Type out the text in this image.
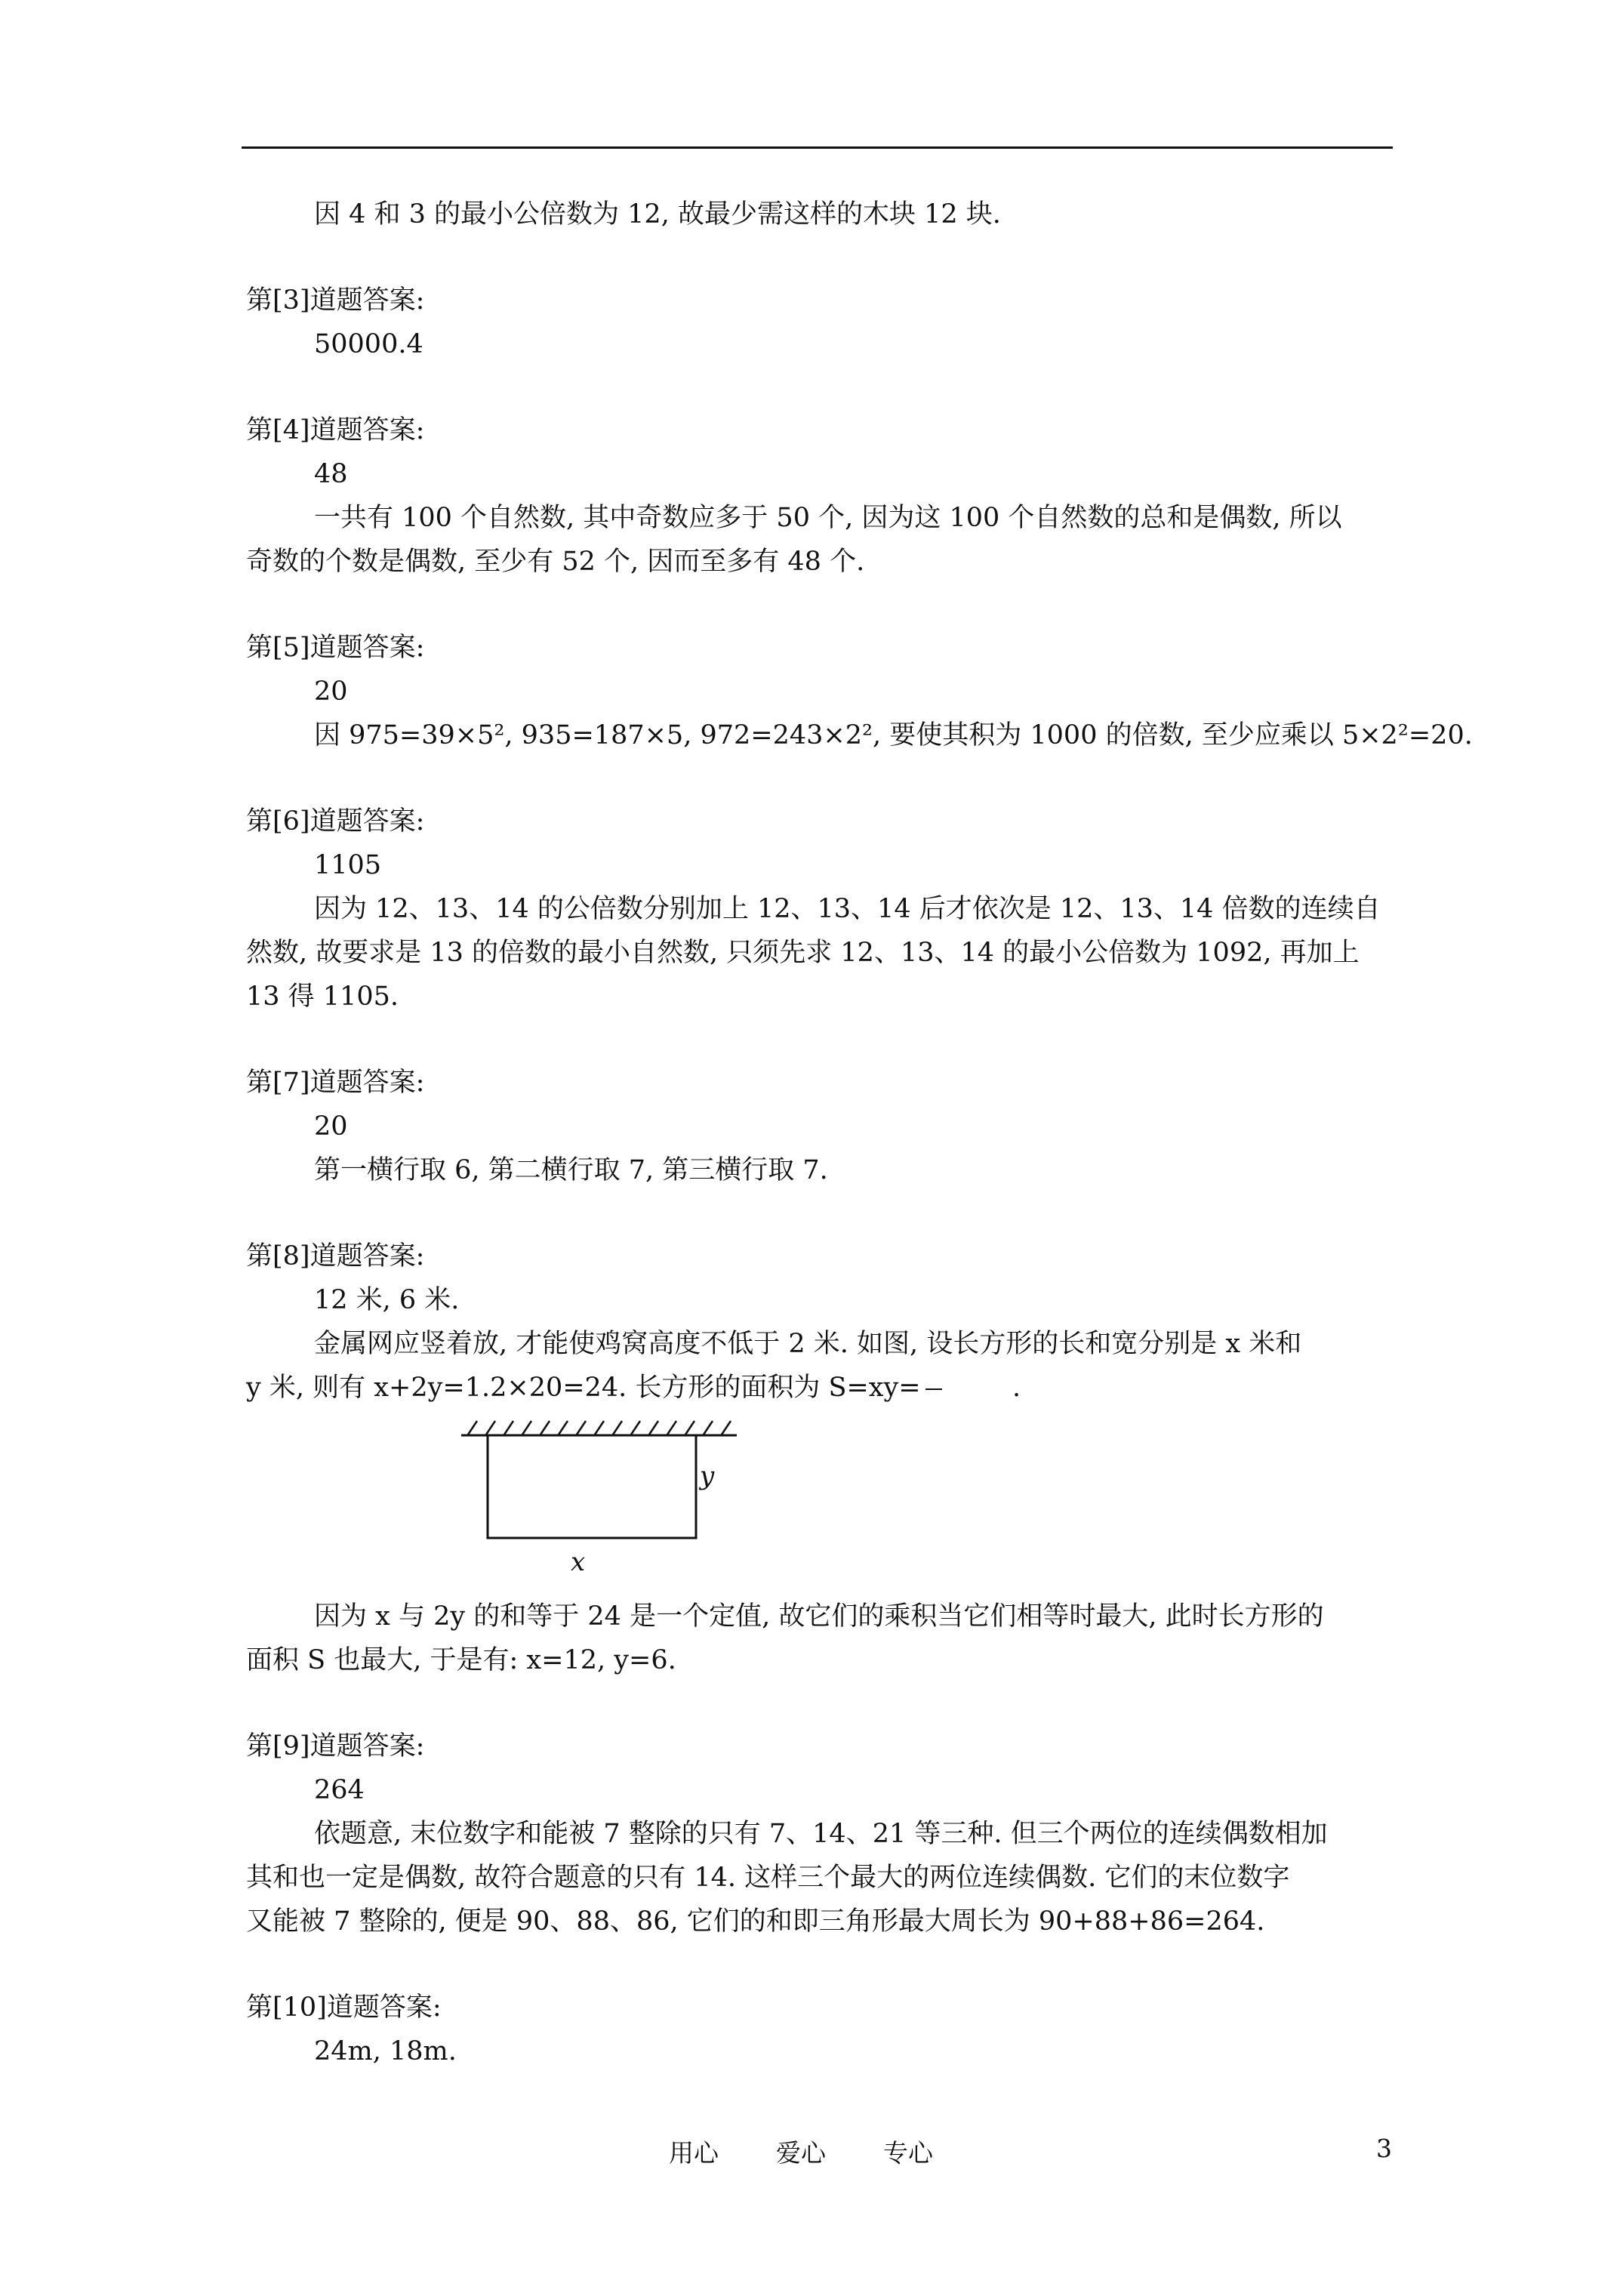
因 4 和 3 的最小公倍数为 12, 故最少需这样的木块 12 块.
第[3]道题答案:
50000.4
第[4]道题答案:
48
一共有 100 个自然数, 其中奇数应多于 50 个, 因为这 100 个自然数的总和是偶数, 所以
奇数的个数是偶数, 至少有 52 个, 因而至多有 48 个.
第[5]道题答案:
20
因 975=39×5², 935=187×5, 972=243×2², 要使其积为 1000 的倍数, 至少应乘以 5×2²=20.
第[6]道题答案:
1105
因为 12、13、14 的公倍数分别加上 12、13、14 后才依次是 12、13、14 倍数的连续自
然数, 故要求是 13 的倍数的最小自然数, 只须先求 12、13、14 的最小公倍数为 1092, 再加上
13 得 1105.
第[7]道题答案:
20
第一横行取 6, 第二横行取 7, 第三横行取 7.
第[8]道题答案:
12 米, 6 米.
金属网应竖着放, 才能使鸡窝高度不低于 2 米. 如图, 设长方形的长和宽分别是 x 米和
y 米, 则有 x+2y=1.2×20=24. 长方形的面积为 S=xy=	.
y
x
因为 x 与 2y 的和等于 24 是一个定值, 故它们的乘积当它们相等时最大, 此时长方形的
面积 S 也最大, 于是有: x=12, y=6.
第[9]道题答案:
264
依题意, 末位数字和能被 7 整除的只有 7、14、21 等三种. 但三个两位的连续偶数相加
其和也一定是偶数, 故符合题意的只有 14. 这样三个最大的两位连续偶数. 它们的末位数字
又能被 7 整除的, 便是 90、88、86, 它们的和即三角形最大周长为 90+88+86=264.
第[10]道题答案:
24m, 18m.
用心 爱心 专心	3
